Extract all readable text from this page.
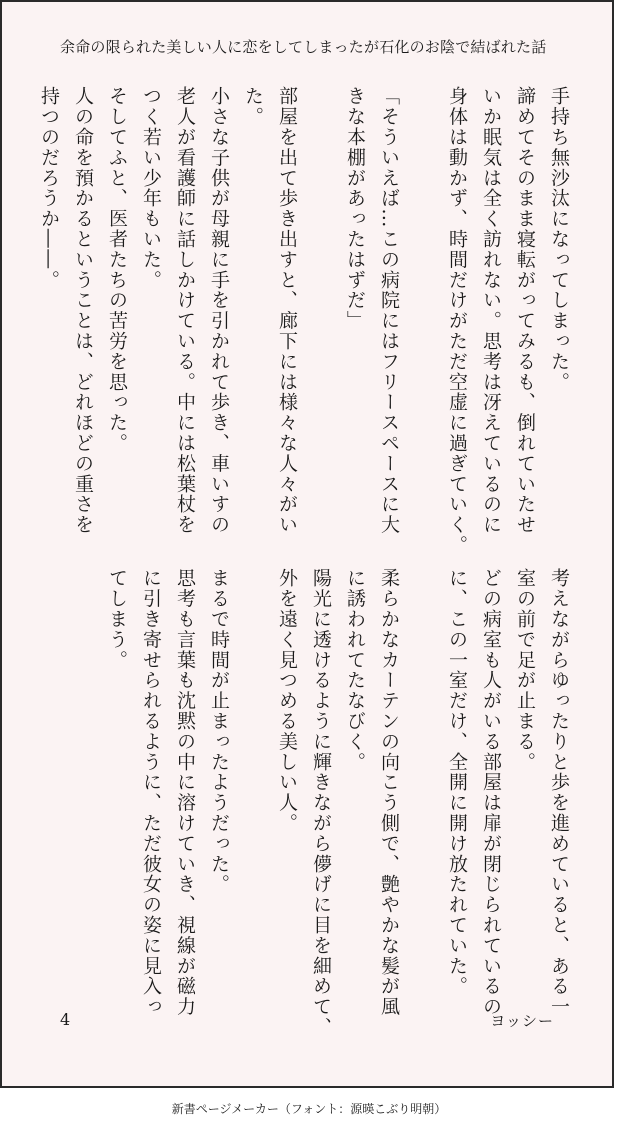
余命の限られた美しい人に恋をしてしまったが石化のお陰で結ばれた話
手持ち無沙汰になってしまった。
諦めてそのまま寝転がってみるも、倒れていたせ
いか眠気は全く訪れない。思考は冴えているのに
身体は動かず、時間だけがただ空虚に過ぎていく。
「そういえば…この病院にはフリースペースに大
きな本棚があったはずだ」
部屋を出て歩き出すと、廊下には様々な人々がい
た。
小さな子供が母親に手を引かれて歩き、車いすの
老人が看護師に話しかけている。中には松葉杖を
つく若い少年もいた。
そしてふと、医者たちの苦労を思った。
人の命を預かるということは、どれほどの重さを
持つのだろうか――。
考えながらゆったりと歩を進めていると、ある一
室の前で足が止まる。
どの病室も人がいる部屋は扉が閉じられているの
に、この一室だけ、全開に開け放たれていた。
柔らかなカーテンの向こう側で、艶やかな髪が風
に誘われてたなびく。
陽光に透けるように輝きながら儚げに目を細めて、
外を遠く見つめる美しい人。
まるで時間が止まったようだった。
思考も言葉も沈黙の中に溶けていき、視線が磁力
に引き寄せられるように、ただ彼女の姿に見入っ
てしまう。
4	ヨッシー
新書ページメーカー（フォント：源暎こぶり明朝）
